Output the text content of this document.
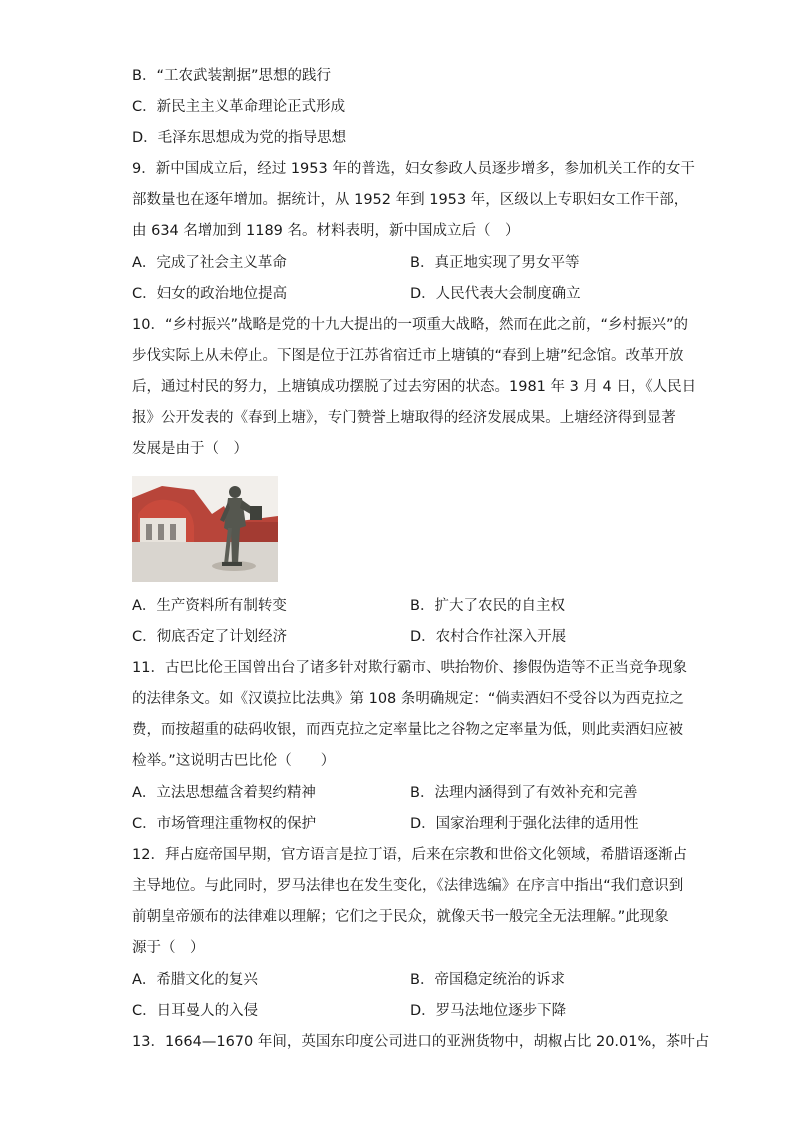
B．“工农武装割据”思想的践行
C．新民主主义革命理论正式形成
D．毛泽东思想成为党的指导思想
9．新中国成立后，经过 1953 年的普选，妇女参政人员逐步增多，参加机关工作的女干
部数量也在逐年增加。据统计，从 1952 年到 1953 年，区级以上专职妇女工作干部，
由 634 名增加到 1189 名。材料表明，新中国成立后（　）
A．完成了社会主义革命	B．真正地实现了男女平等
C．妇女的政治地位提高	D．人民代表大会制度确立
10．“乡村振兴”战略是党的十九大提出的一项重大战略，然而在此之前，“乡村振兴”的
步伐实际上从未停止。下图是位于江苏省宿迁市上塘镇的“春到上塘”纪念馆。改革开放
后，通过村民的努力，上塘镇成功摆脱了过去穷困的状态。1981 年 3 月 4 日，《人民日
报》公开发表的《春到上塘》，专门赞誉上塘取得的经济发展成果。上塘经济得到显著
发展是由于（　）
A．生产资料所有制转变	B．扩大了农民的自主权
C．彻底否定了计划经济	D．农村合作社深入开展
11．古巴比伦王国曾出台了诸多针对欺行霸市、哄抬物价、掺假伪造等不正当竞争现象
的法律条文。如《汉谟拉比法典》第 108 条明确规定：“倘卖酒妇不受谷以为西克拉之
费，而按超重的砝码收银，而西克拉之定率量比之谷物之定率量为低，则此卖酒妇应被
检举。”这说明古巴比伦（　　）
A．立法思想蕴含着契约精神	B．法理内涵得到了有效补充和完善
C．市场管理注重物权的保护	D．国家治理利于强化法律的适用性
12．拜占庭帝国早期，官方语言是拉丁语，后来在宗教和世俗文化领域，希腊语逐渐占
主导地位。与此同时，罗马法律也在发生变化，《法律选编》在序言中指出“我们意识到
前朝皇帝颁布的法律难以理解；它们之于民众，就像天书一般完全无法理解。”此现象
源于（　）
A．希腊文化的复兴	B．帝国稳定统治的诉求
C．日耳曼人的入侵	D．罗马法地位逐步下降
13．1664—1670 年间，英国东印度公司进口的亚洲货物中，胡椒占比 20.01%，茶叶占
